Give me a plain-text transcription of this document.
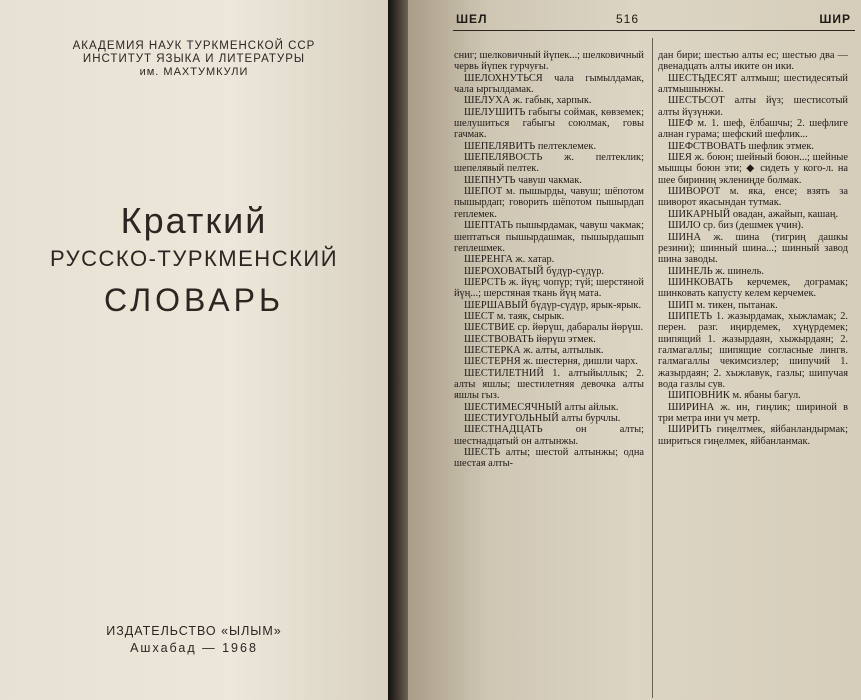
АКАДЕМИЯ НАУК ТУРКМЕНСКОЙ ССР
ИНСТИТУТ ЯЗЫКА И ЛИТЕРАТУРЫ
им. МАХТУМКУЛИ
Краткий
РУССКО-ТУРКМЕНСКИЙ
СЛОВАРЬ
ИЗДАТЕЛЬСТВО «ЫЛЫМ»
Ашхабад — 1968
ШЕЛ	516	ШИР

сниг; шелковичный йүпек...; шелковичный червь йүпек гурчуғы.

ШЕЛОХНУТЬСЯ чала гымылдамак, чала ыргылдамак.

ШЕЛУХА ж. габык, харпык.

ШЕЛУШИТЬ габыгы соймак, көвземек; шелушиться габыгы союлмак, говы гачмак.

ШЕПЕЛЯВИТЬ пелтеклемек.

ШЕПЕЛЯВОСТЬ ж. пелтеклик; шепелявый пелтек.

ШЕПНУТЬ чавуш чакмак.

ШЕПОТ м. пышырды, чавуш; шёпотом пышырдап; говорить шёпотом пышырдап геплемек.

ШЕПТАТЬ пышырдамак, чавуш чакмак; шептаться пышырдашмак, пышырдашып геплешмек.

ШЕРЕНГА ж. хатар.

ШЕРОХОВАТЫЙ бүдүр-сүдүр.

ШЕРСТЬ ж. йүң; чопүр; түй; шерстяной йүң...; шерстяная ткань йүң мата.

ШЕРШАВЫЙ бүдүр-сүдүр, ярык-ярык.

ШЕСТ м. таяк, сырык.

ШЕСТВИЕ ср. йөрүш, дабаралы йөрүш.

ШЕСТВОВАТЬ йөрүш этмек.

ШЕСТЕРКА ж. алты, алтылык.

ШЕСТЕРНЯ ж. шестерня, дишли чарх.

ШЕСТИЛЕТНИЙ 1. алтыйыллык; 2. алты яшлы; шестилетняя девочка алты яшлы гыз.

ШЕСТИМЕСЯЧНЫЙ алты айлык.

ШЕСТИУГОЛЬНЫЙ алты бурчлы.

ШЕСТНАДЦАТЬ он алты; шестнадцатый он алтынжы.

ШЕСТЬ алты; шестой алтынжы; одна шестая алты-

дан бири; шестью алты ес; шестью два — двенадцать алты иките он ики.

ШЕСТЬДЕСЯТ алтмыш; шестидесятый алтмышынжы.

ШЕСТЬСОТ алты йүз; шестисотый алты йүзүнжи.

ШЕФ м. 1. шеф, ёлбашчы; 2. шефлиге алнан гурама; шефский шефлик...

ШЕФСТВОВАТЬ шефлик этмек.

ШЕЯ ж. боюн; шейный боюн...; шейные мышцы боюн эти; ◆ сидеть у кого-л. на шее бириниң эклениңде болмак.

ШИВОРОТ м. яка, енсе; взять за шиворот якасындан тутмак.

ШИКАРНЫЙ овадан, ажайып, кашаң.

ШИЛО ср. биз (дешмек үчин).

ШИНА ж. шина (тигриң дашкы резини); шинный шина...; шинный завод шина заводы.

ШИНЕЛЬ ж. шинель.

ШИНКОВАТЬ керчемек, дограмак; шинковать капусту келем керчемек.

ШИП м. тикен, пытанак.

ШИПЕТЬ 1. жазырдамак, хыжламак; 2. перен. разг. иңирдемек, хүңүрдемек; шипящий 1. жазырдаян, хыжырдаян; 2. галмагаллы; шипящие согласные лингв. галмагаллы чекимсизлер; шипучий 1. жазырдаян; 2. хыжлавук, газлы; шипучая вода газлы сув.

ШИПОВНИК м. ябаны багул.

ШИРИНА ж. ин, гиңлик; шириной в три метра ини үч метр.

ШИРИТЬ гиңелтмек, яйбанландырмак; шириться гиңелмек, яйбанланмак.
